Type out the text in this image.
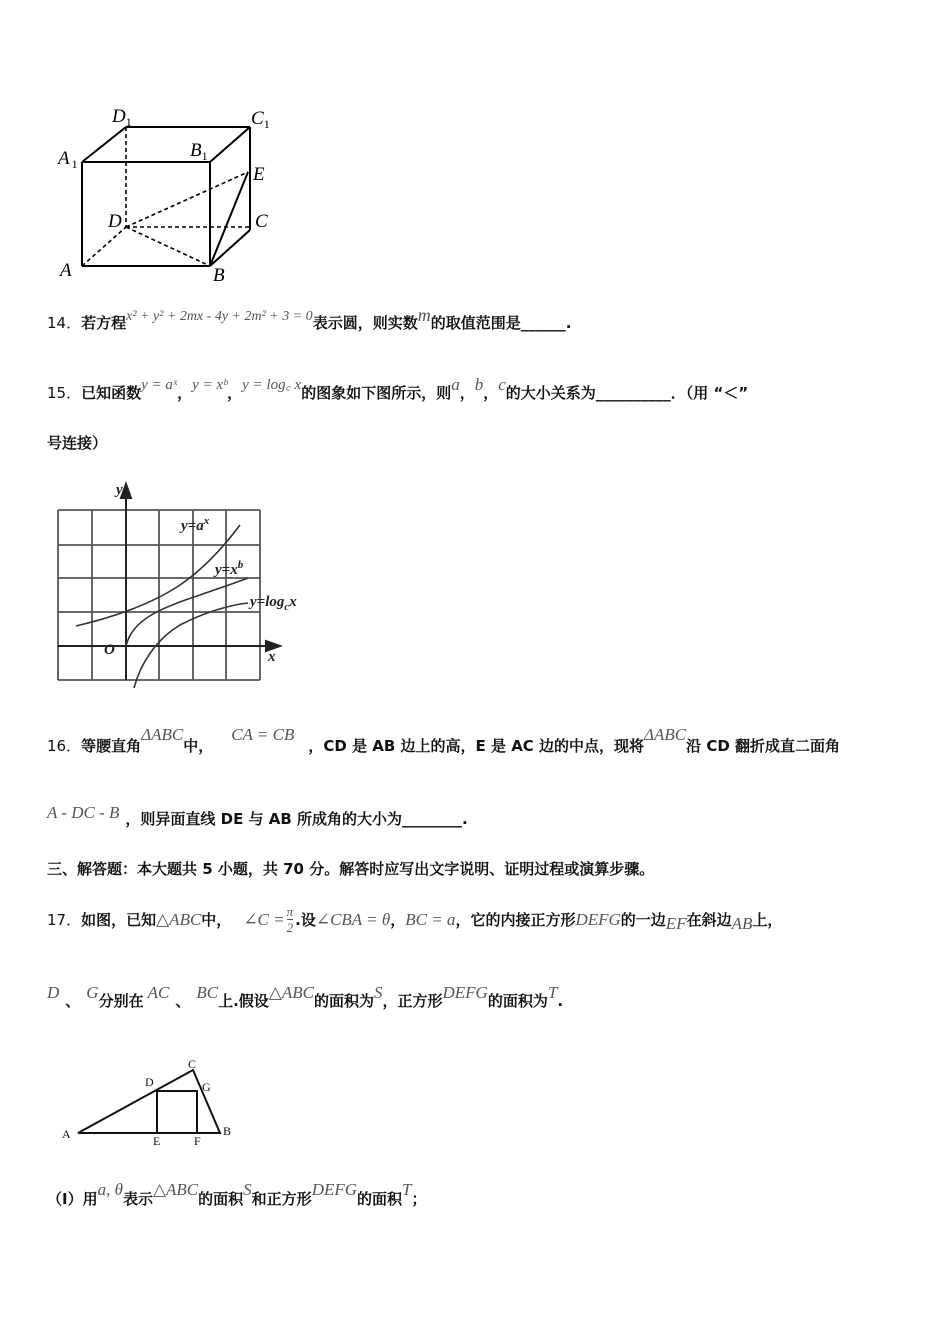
$D_1$	$C_1$
A $_1$
$B_1$
E
D	C
A	B
14．若方程x² + y² + 2mx - 4y + 2m² + 3 = 0表示圆，则实数m的取值范围是______.
15．已知函数y = aˣ，y = xᵇ，y = log꜀ x的图象如下图所示，则a，b，c的大小关系为__________．（用 “＜”
号连接）
y
x
O
$y=a^x$
$y=x^b$
$y=\log_cx$
16．等腰直角ΔABC中，CA = CB，CD 是 AB 边上的高，E 是 AC 边的中点，现将ΔABC沿 CD 翻折成直二面角
A - DC - B ，则异面直线 DE 与 AB 所成角的大小为________.
三、解答题：本大题共 5 小题，共 70 分。解答时应写出文字说明、证明过程或演算步骤。
17．如图，已知△ABC中， ∠C = $\frac{\pi}{2}$ .设∠CBA = θ，BC = a，它的内接正方形DEFG的一边EF在斜边AB上，
D 、 G分别在 AC 、 BC上.假设△ABC的面积为S，正方形DEFG的面积为T.
A	B
C
D
E	F
G
（Ⅰ）用a, θ表示△ABC的面积S和正方形DEFG的面积T；
